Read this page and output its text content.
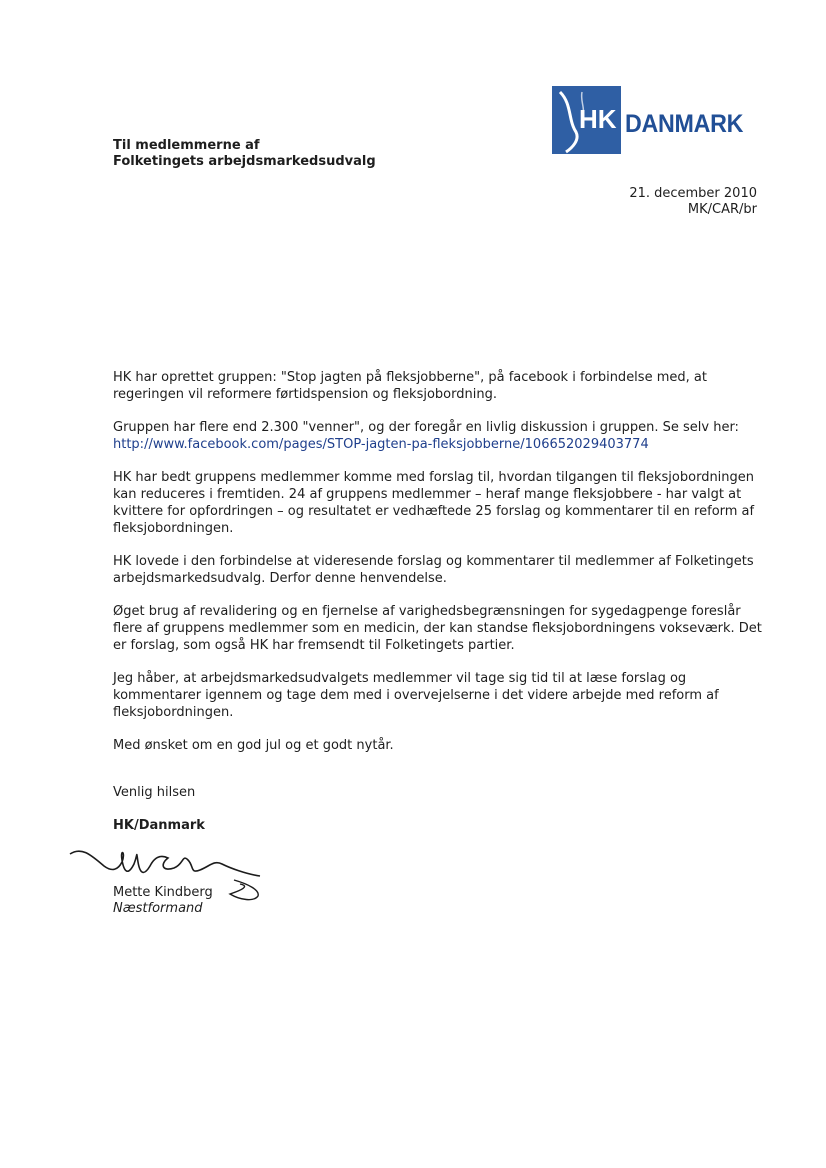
HK DANMARK
Til medlemmerne af
Folketingets arbejdsmarkedsudvalg
21. december 2010
MK/CAR/br

HK har oprettet gruppen: "Stop jagten på fleksjobberne", på facebook i forbindelse med, at regeringen vil reformere førtidspension og fleksjobordning.

Gruppen har flere end 2.300 "venner", og der foregår en livlig diskussion i gruppen. Se selv her: http://www.facebook.com/pages/STOP-jagten-pa-fleksjobberne/106652029403774

HK har bedt gruppens medlemmer komme med forslag til, hvordan tilgangen til fleksjobordningen kan reduceres i fremtiden. 24 af gruppens medlemmer – heraf mange fleksjobbere - har valgt at kvittere for opfordringen – og resultatet er vedhæftede 25 forslag og kommentarer til en reform af fleksjobordningen.

HK lovede i den forbindelse at videresende forslag og kommentarer til medlemmer af Folketingets arbejdsmarkedsudvalg. Derfor denne henvendelse.

Øget brug af revalidering og en fjernelse af varighedsbegrænsningen for sygedagpenge foreslår flere af gruppens medlemmer som en medicin, der kan standse fleksjobordningens vokseværk. Det er forslag, som også HK har fremsendt til Folketingets partier.

Jeg håber, at arbejdsmarkedsudvalgets medlemmer vil tage sig tid til at læse forslag og kommentarer igennem og tage dem med i overvejelserne i det videre arbejde med reform af fleksjobordningen.

Med ønsket om en god jul og et godt nytår.

Venlig hilsen
HK/Danmark
Mette Kindberg
Næstformand
